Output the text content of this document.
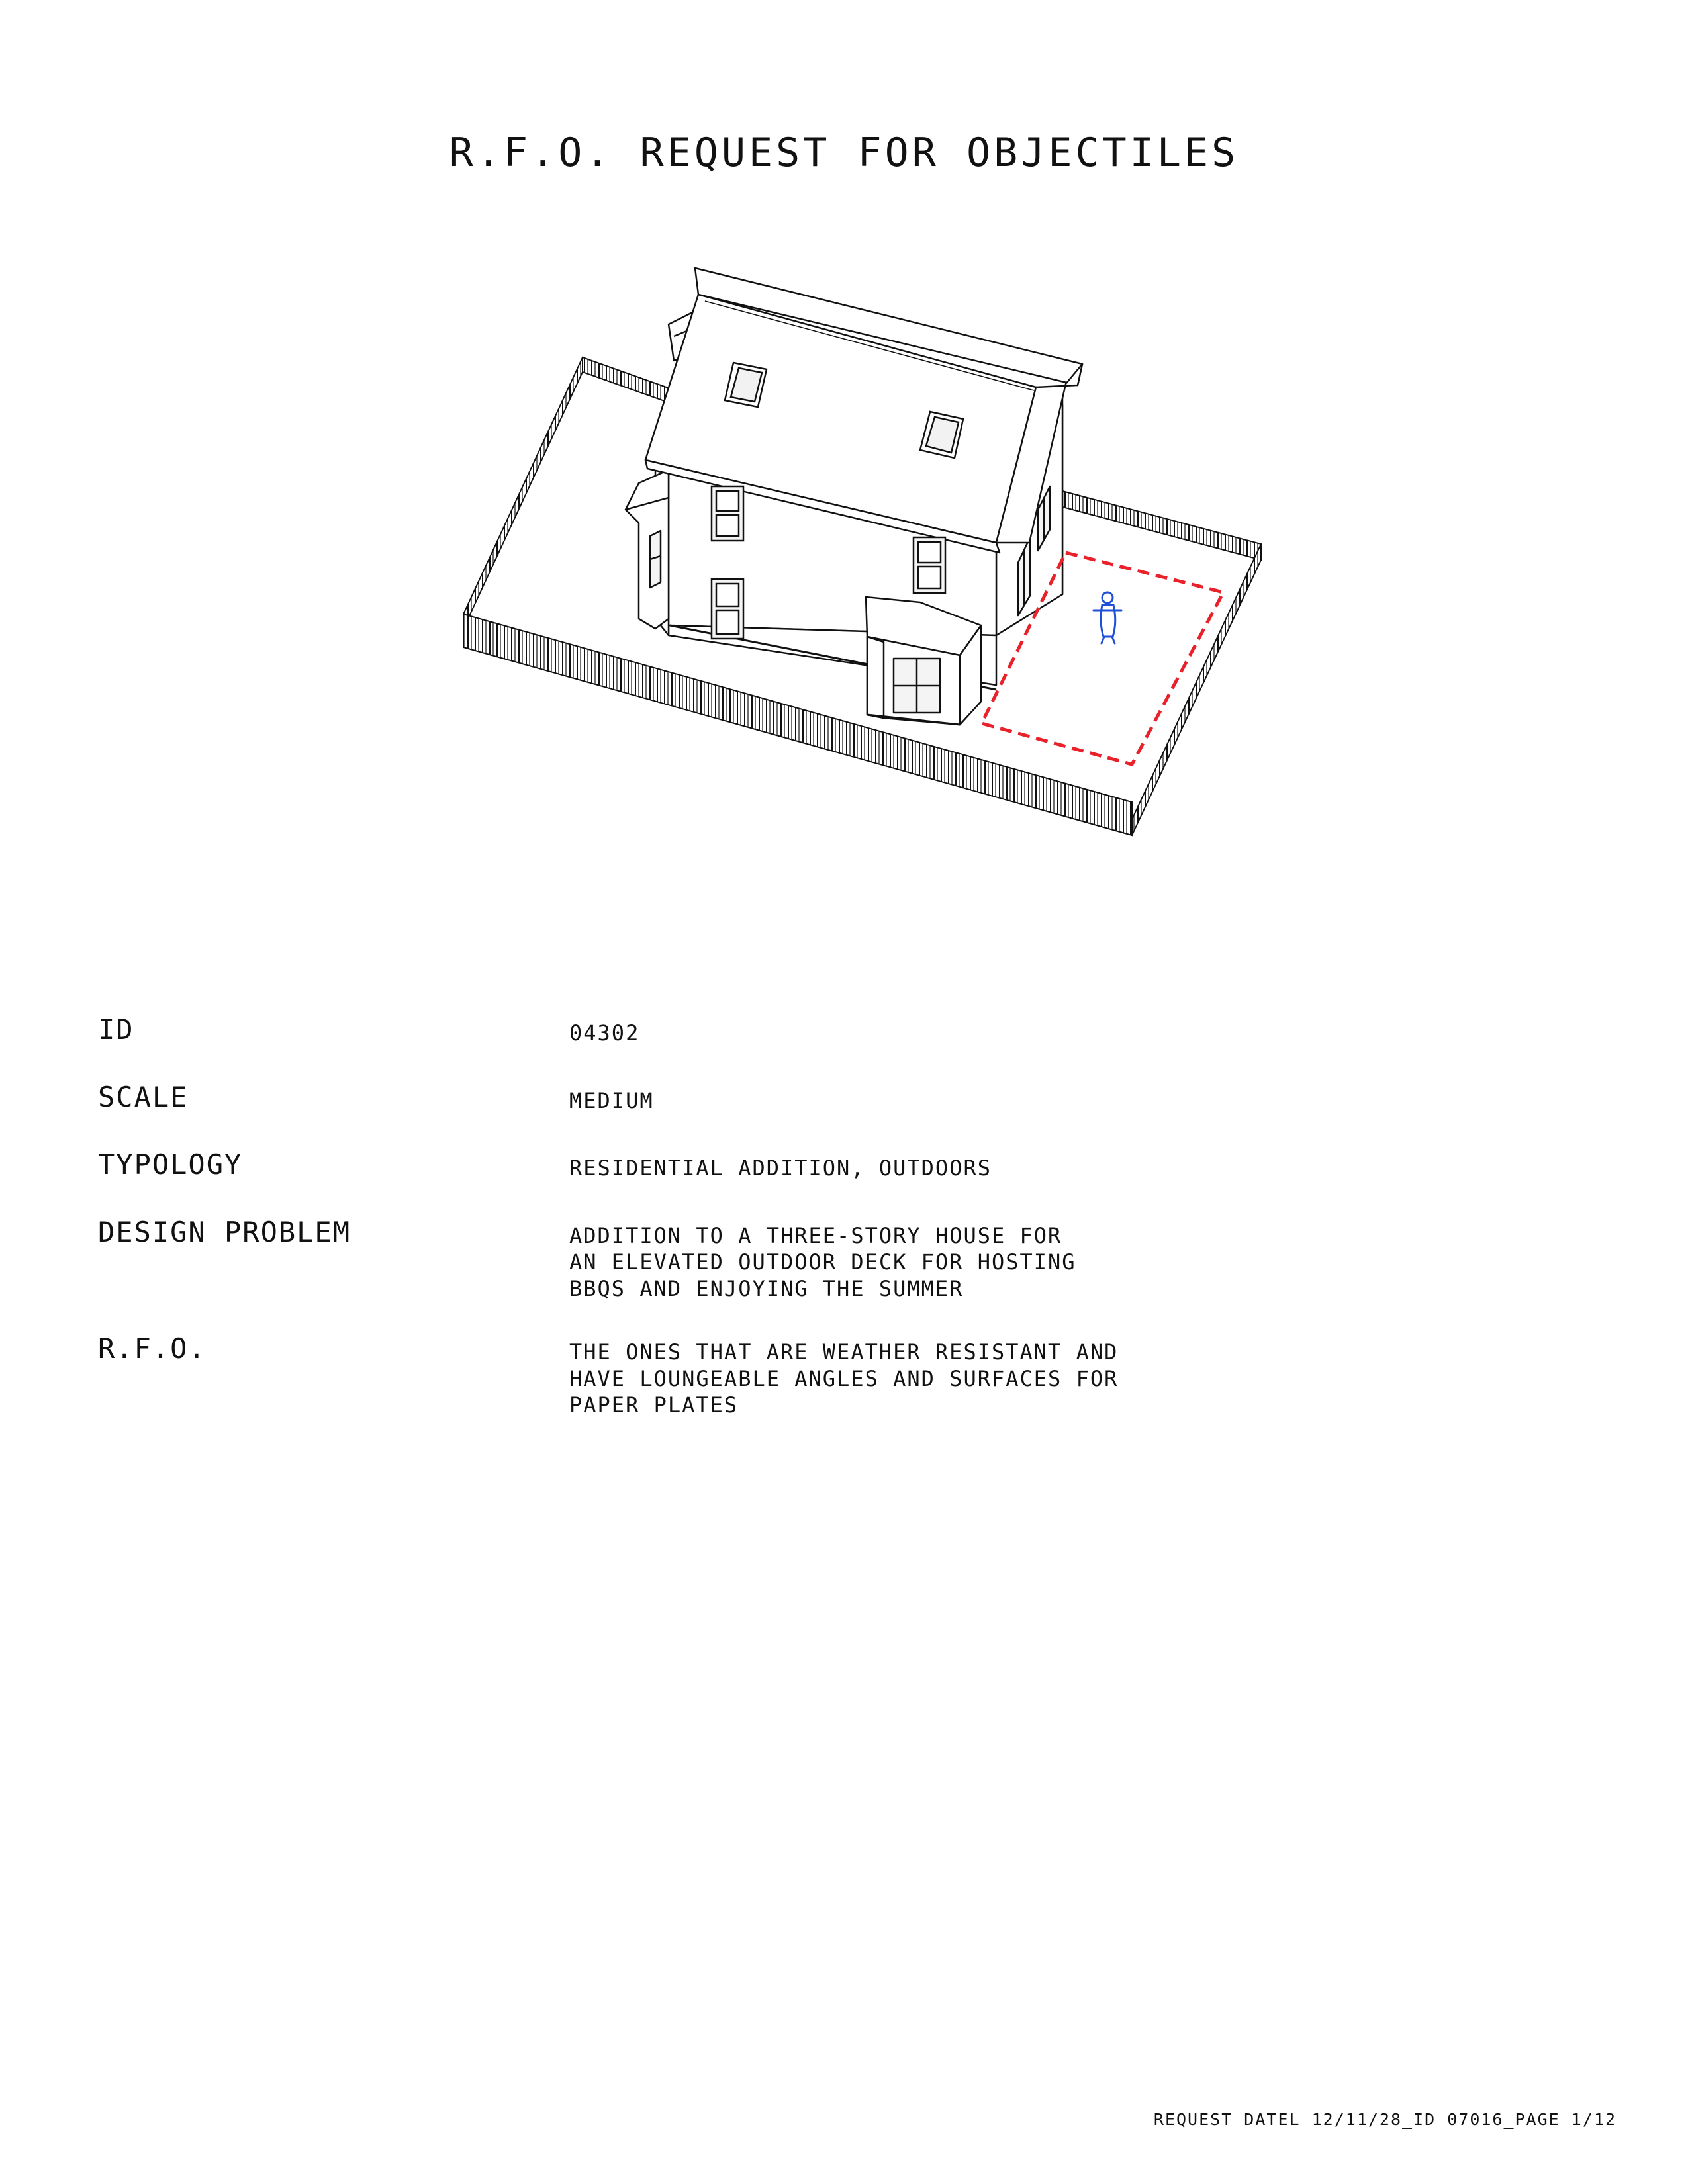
R.F.O. REQUEST FOR OBJECTILES
ID	04302
SCALE	MEDIUM
TYPOLOGY	RESIDENTIAL ADDITION, OUTDOORS
DESIGN PROBLEM	ADDITION TO A THREE-STORY HOUSE FOR
AN ELEVATED OUTDOOR DECK FOR HOSTING
BBQS AND ENJOYING THE SUMMER
R.F.O.	THE ONES THAT ARE WEATHER RESISTANT AND
HAVE LOUNGEABLE ANGLES AND SURFACES FOR
PAPER PLATES
REQUEST DATEL 12/11/28_ID 07016_PAGE 1/12
